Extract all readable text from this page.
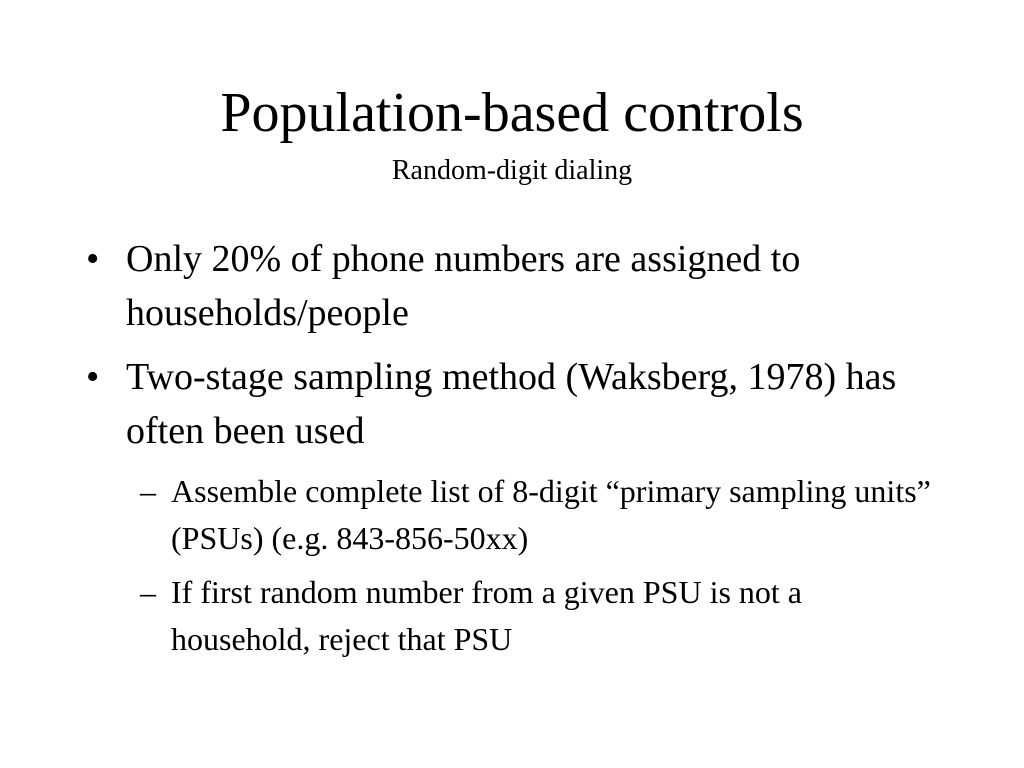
Population-based controls
Random-digit dialing
• Only 20% of phone numbers are assigned to households/people
• Two-stage sampling method (Waksberg, 1978) has often been used
– Assemble complete list of 8-digit “primary sampling units” (PSUs) (e.g. 843-856-50xx)
– If first random number from a given PSU is not a household, reject that PSU
